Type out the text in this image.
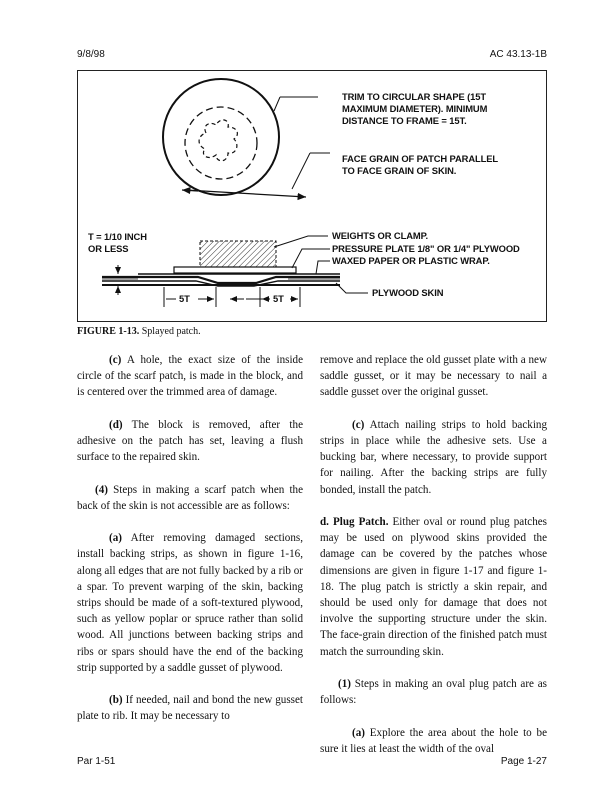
9/8/98	AC 43.13-1B
TRIM TO CIRCULAR SHAPE (15T
MAXIMUM DIAMETER). MINIMUM
DISTANCE TO FRAME = 15T.
FACE GRAIN OF PATCH PARALLEL
TO FACE GRAIN OF SKIN.
T = 1/10 INCH
OR LESS
WEIGHTS OR CLAMP.
PRESSURE PLATE 1/8" OR 1/4" PLYWOOD
WAXED PAPER OR PLASTIC WRAP.
PLYWOOD SKIN
5T	5T
FIGURE 1-13. Splayed patch.

(c) A hole, the exact size of the inside circle of the scarf patch, is made in the block, and is centered over the trimmed area of damage.

(d) The block is removed, after the adhesive on the patch has set, leaving a flush surface to the repaired skin.

(4) Steps in making a scarf patch when the back of the skin is not accessible are as follows:

(a) After removing damaged sections, install backing strips, as shown in figure 1-16, along all edges that are not fully backed by a rib or a spar. To prevent warping of the skin, backing strips should be made of a soft-textured plywood, such as yellow poplar or spruce rather than solid wood. All junctions between backing strips and ribs or spars should have the end of the backing strip supported by a saddle gusset of plywood.

(b) If needed, nail and bond the new gusset plate to rib. It may be necessary to

remove and replace the old gusset plate with a new saddle gusset, or it may be necessary to nail a saddle gusset over the original gusset.

(c) Attach nailing strips to hold backing strips in place while the adhesive sets. Use a bucking bar, where necessary, to provide support for nailing. After the backing strips are fully bonded, install the patch.

d. Plug Patch. Either oval or round plug patches may be used on plywood skins provided the damage can be covered by the patches whose dimensions are given in figure 1-17 and figure 1-18. The plug patch is strictly a skin repair, and should be used only for damage that does not involve the supporting structure under the skin. The face-grain direction of the finished patch must match the surrounding skin.

(1) Steps in making an oval plug patch are as follows:

(a) Explore the area about the hole to be sure it lies at least the width of the oval

Par 1-51	Page 1-27
